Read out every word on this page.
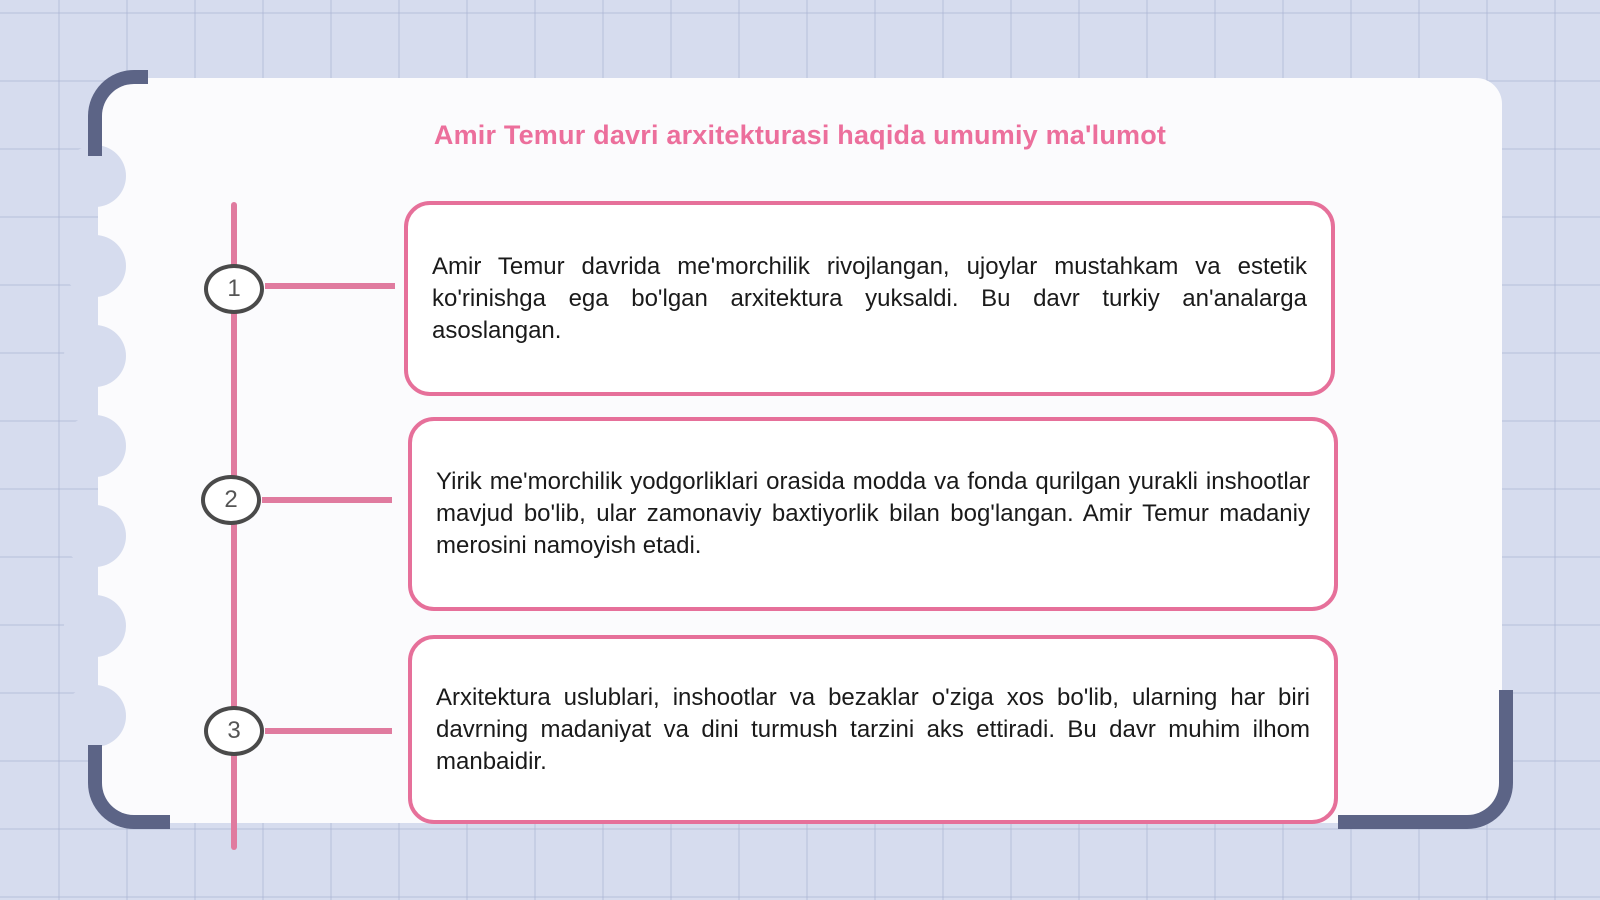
Amir Temur davri arxitekturasi haqida umumiy ma'lumot
1
2
3

Amir Temur davrida me'morchilik rivojlangan, ujoylar mustahkam va estetik ko'rinishga ega bo'lgan arxitektura yuksaldi. Bu davr turkiy an'analarga asoslangan.

Yirik me'morchilik yodgorliklari orasida modda va fonda qurilgan yurakli inshootlar mavjud bo'lib, ular zamonaviy baxtiyorlik bilan bog'langan. Amir Temur madaniy merosini namoyish etadi.

Arxitektura uslublari, inshootlar va bezaklar o'ziga xos bo'lib, ularning har biri davrning madaniyat va dini turmush tarzini aks ettiradi. Bu davr muhim ilhom manbaidir.
